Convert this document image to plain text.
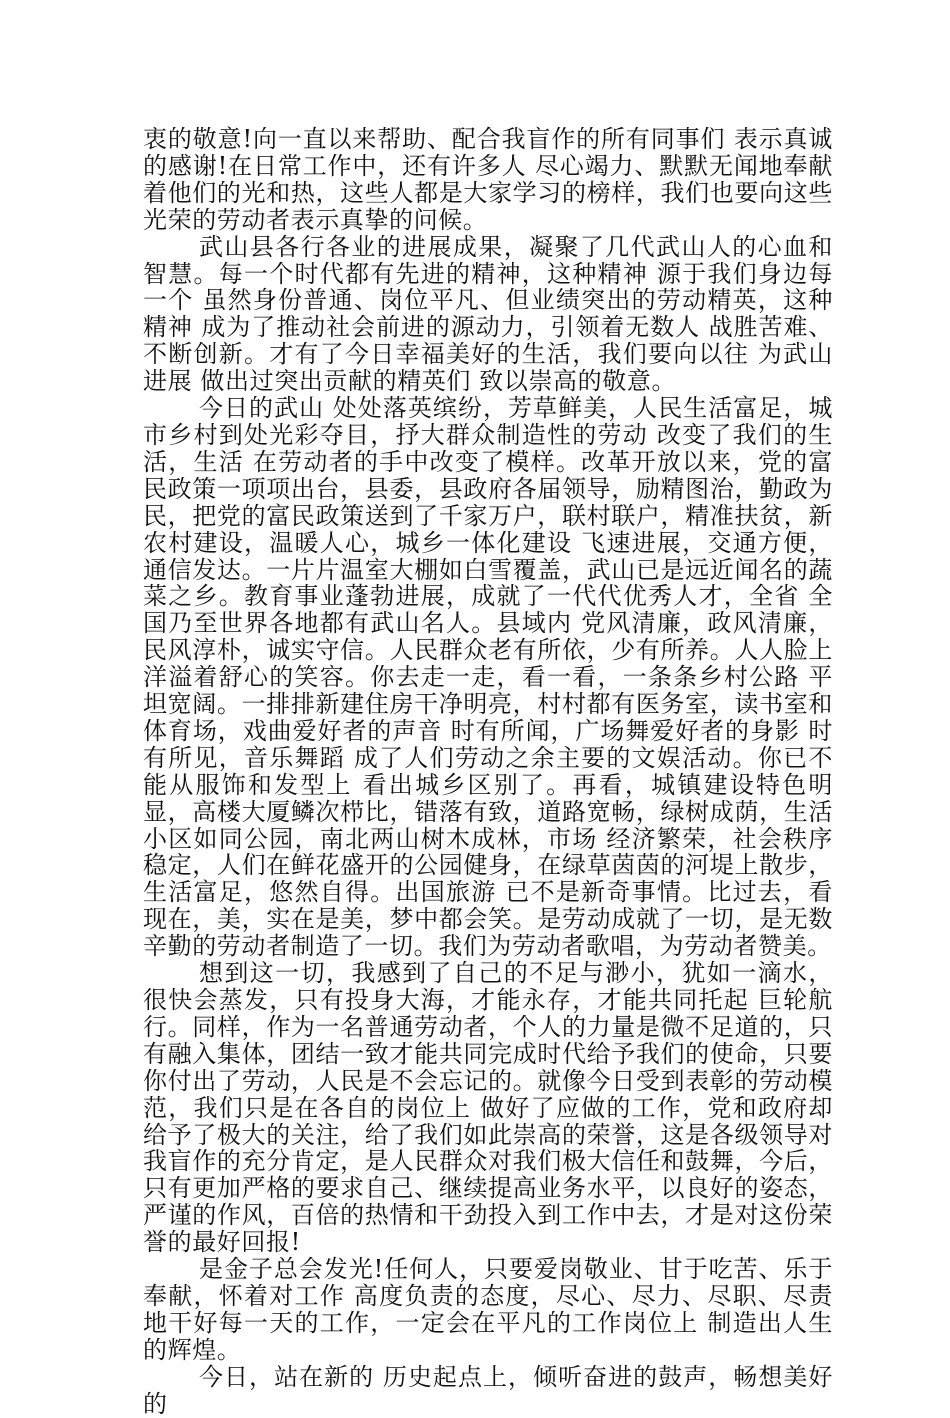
衷的敬意!向一直以来帮助、配合我盲作的所有同事们 表示真诚的感谢!在日常工作中，还有许多人 尽心竭力、默默无闻地奉献着他们的光和热，这些人都是大家学习的榜样，我们也要向这些光荣的劳动者表示真挚的问候。

武山县各行各业的进展成果，凝聚了几代武山人的心血和智慧。每一个时代都有先进的精神，这种精神 源于我们身边每一个 虽然身份普通、岗位平凡、但业绩突出的劳动精英，这种精神 成为了推动社会前进的源动力，引领着无数人 战胜苦难、不断创新。才有了今日幸福美好的生活，我们要向以往 为武山进展 做出过突出贡献的精英们 致以崇高的敬意。

今日的武山 处处落英缤纷，芳草鲜美，人民生活富足，城市乡村到处光彩夺目，抒大群众制造性的劳动 改变了我们的生活，生活 在劳动者的手中改变了模样。改革开放以来，党的富民政策一项项出台，县委，县政府各届领导，励精图治，勤政为民，把党的富民政策送到了千家万户，联村联户，精准扶贫，新农村建设，温暖人心，城乡一体化建设 飞速进展，交通方便，通信发达。一片片温室大棚如白雪覆盖，武山已是远近闻名的蔬菜之乡。教育事业蓬勃进展，成就了一代代优秀人才，全省 全国乃至世界各地都有武山名人。县域内 党风清廉，政风清廉，民风淳朴，诚实守信。人民群众老有所依，少有所养。人人脸上洋溢着舒心的笑容。你去走一走，看一看，一条条乡村公路 平坦宽阔。一排排新建住房干净明亮，村村都有医务室，读书室和体育场，戏曲爱好者的声音 时有所闻，广场舞爱好者的身影 时有所见，音乐舞蹈 成了人们劳动之余主要的文娱活动。你已不能从服饰和发型上 看出城乡区别了。再看，城镇建设特色明显，高楼大厦鳞次栉比，错落有致，道路宽畅，绿树成荫，生活小区如同公园，南北两山树木成林，市场 经济繁荣，社会秩序稳定，人们在鲜花盛开的公园健身，在绿草茵茵的河堤上散步，生活富足，悠然自得。出国旅游 已不是新奇事情。比过去，看现在，美，实在是美，梦中都会笑。是劳动成就了一切，是无数辛勤的劳动者制造了一切。我们为劳动者歌唱，为劳动者赞美。

想到这一切，我感到了自己的不足与渺小，犹如一滴水，很快会蒸发，只有投身大海，才能永存，才能共同托起 巨轮航行。同样，作为一名普通劳动者，个人的力量是微不足道的，只有融入集体，团结一致才能共同完成时代给予我们的使命，只要你付出了劳动，人民是不会忘记的。就像今日受到表彰的劳动模范，我们只是在各自的岗位上 做好了应做的工作，党和政府却给予了极大的关注，给了我们如此崇高的荣誉，这是各级领导对我盲作的充分肯定，是人民群众对我们极大信任和鼓舞，今后，只有更加严格的要求自己、继续提高业务水平，以良好的姿态，严谨的作风，百倍的热情和干劲投入到工作中去，才是对这份荣誉的最好回报!

是金子总会发光!任何人，只要爱岗敬业、甘于吃苦、乐于奉献，怀着对工作 高度负责的态度，尽心、尽力、尽职、尽责地干好每一天的工作，一定会在平凡的工作岗位上 制造出人生的辉煌。

今日，站在新的 历史起点上，倾听奋进的鼓声，畅想美好的
